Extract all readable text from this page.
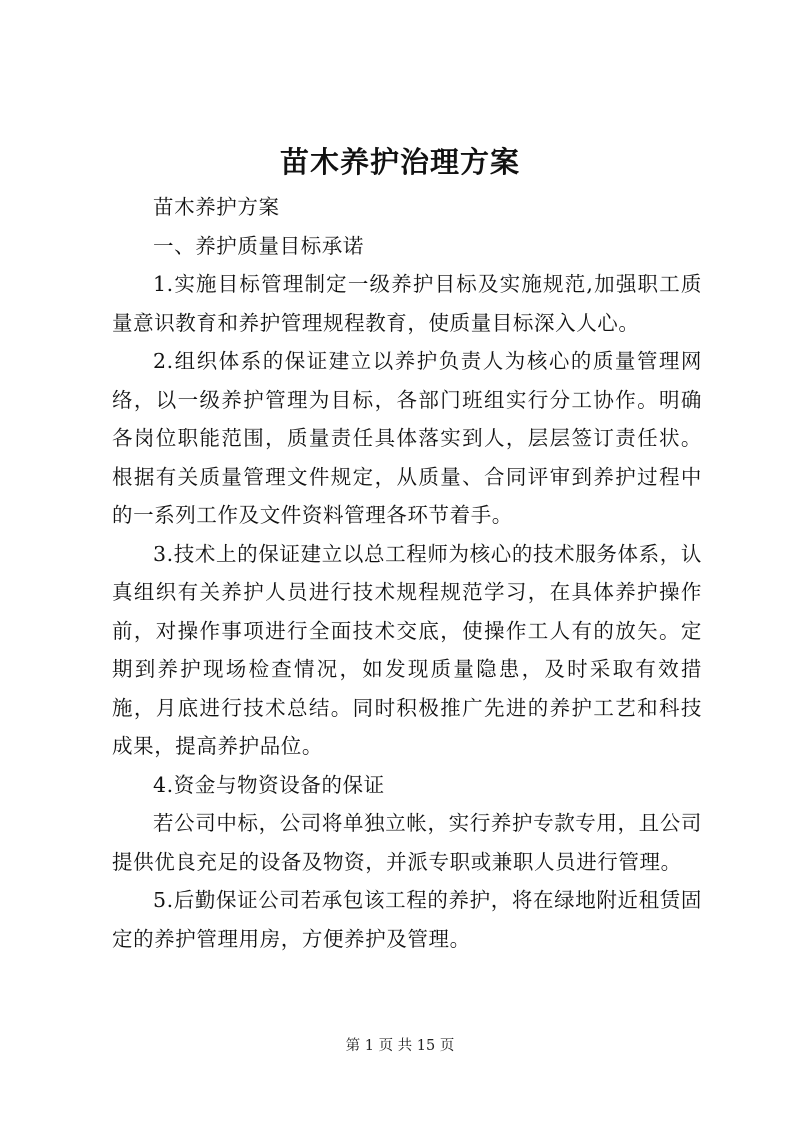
苗木养护治理方案

苗木养护方案

一、养护质量目标承诺

1.实施目标管理制定一级养护目标及实施规范,加强职工质量意识教育和养护管理规程教育，使质量目标深入人心。

2.组织体系的保证建立以养护负责人为核心的质量管理网络，以一级养护管理为目标，各部门班组实行分工协作。明确各岗位职能范围，质量责任具体落实到人，层层签订责任状。根据有关质量管理文件规定，从质量、合同评审到养护过程中的一系列工作及文件资料管理各环节着手。

3.技术上的保证建立以总工程师为核心的技术服务体系，认真组织有关养护人员进行技术规程规范学习，在具体养护操作前，对操作事项进行全面技术交底，使操作工人有的放矢。定期到养护现场检查情况，如发现质量隐患，及时采取有效措施，月底进行技术总结。同时积极推广先进的养护工艺和科技成果，提高养护品位。

4.资金与物资设备的保证

若公司中标，公司将单独立帐，实行养护专款专用，且公司提供优良充足的设备及物资，并派专职或兼职人员进行管理。

5.后勤保证公司若承包该工程的养护，将在绿地附近租赁固定的养护管理用房，方便养护及管理。

第 1 页 共 15 页
